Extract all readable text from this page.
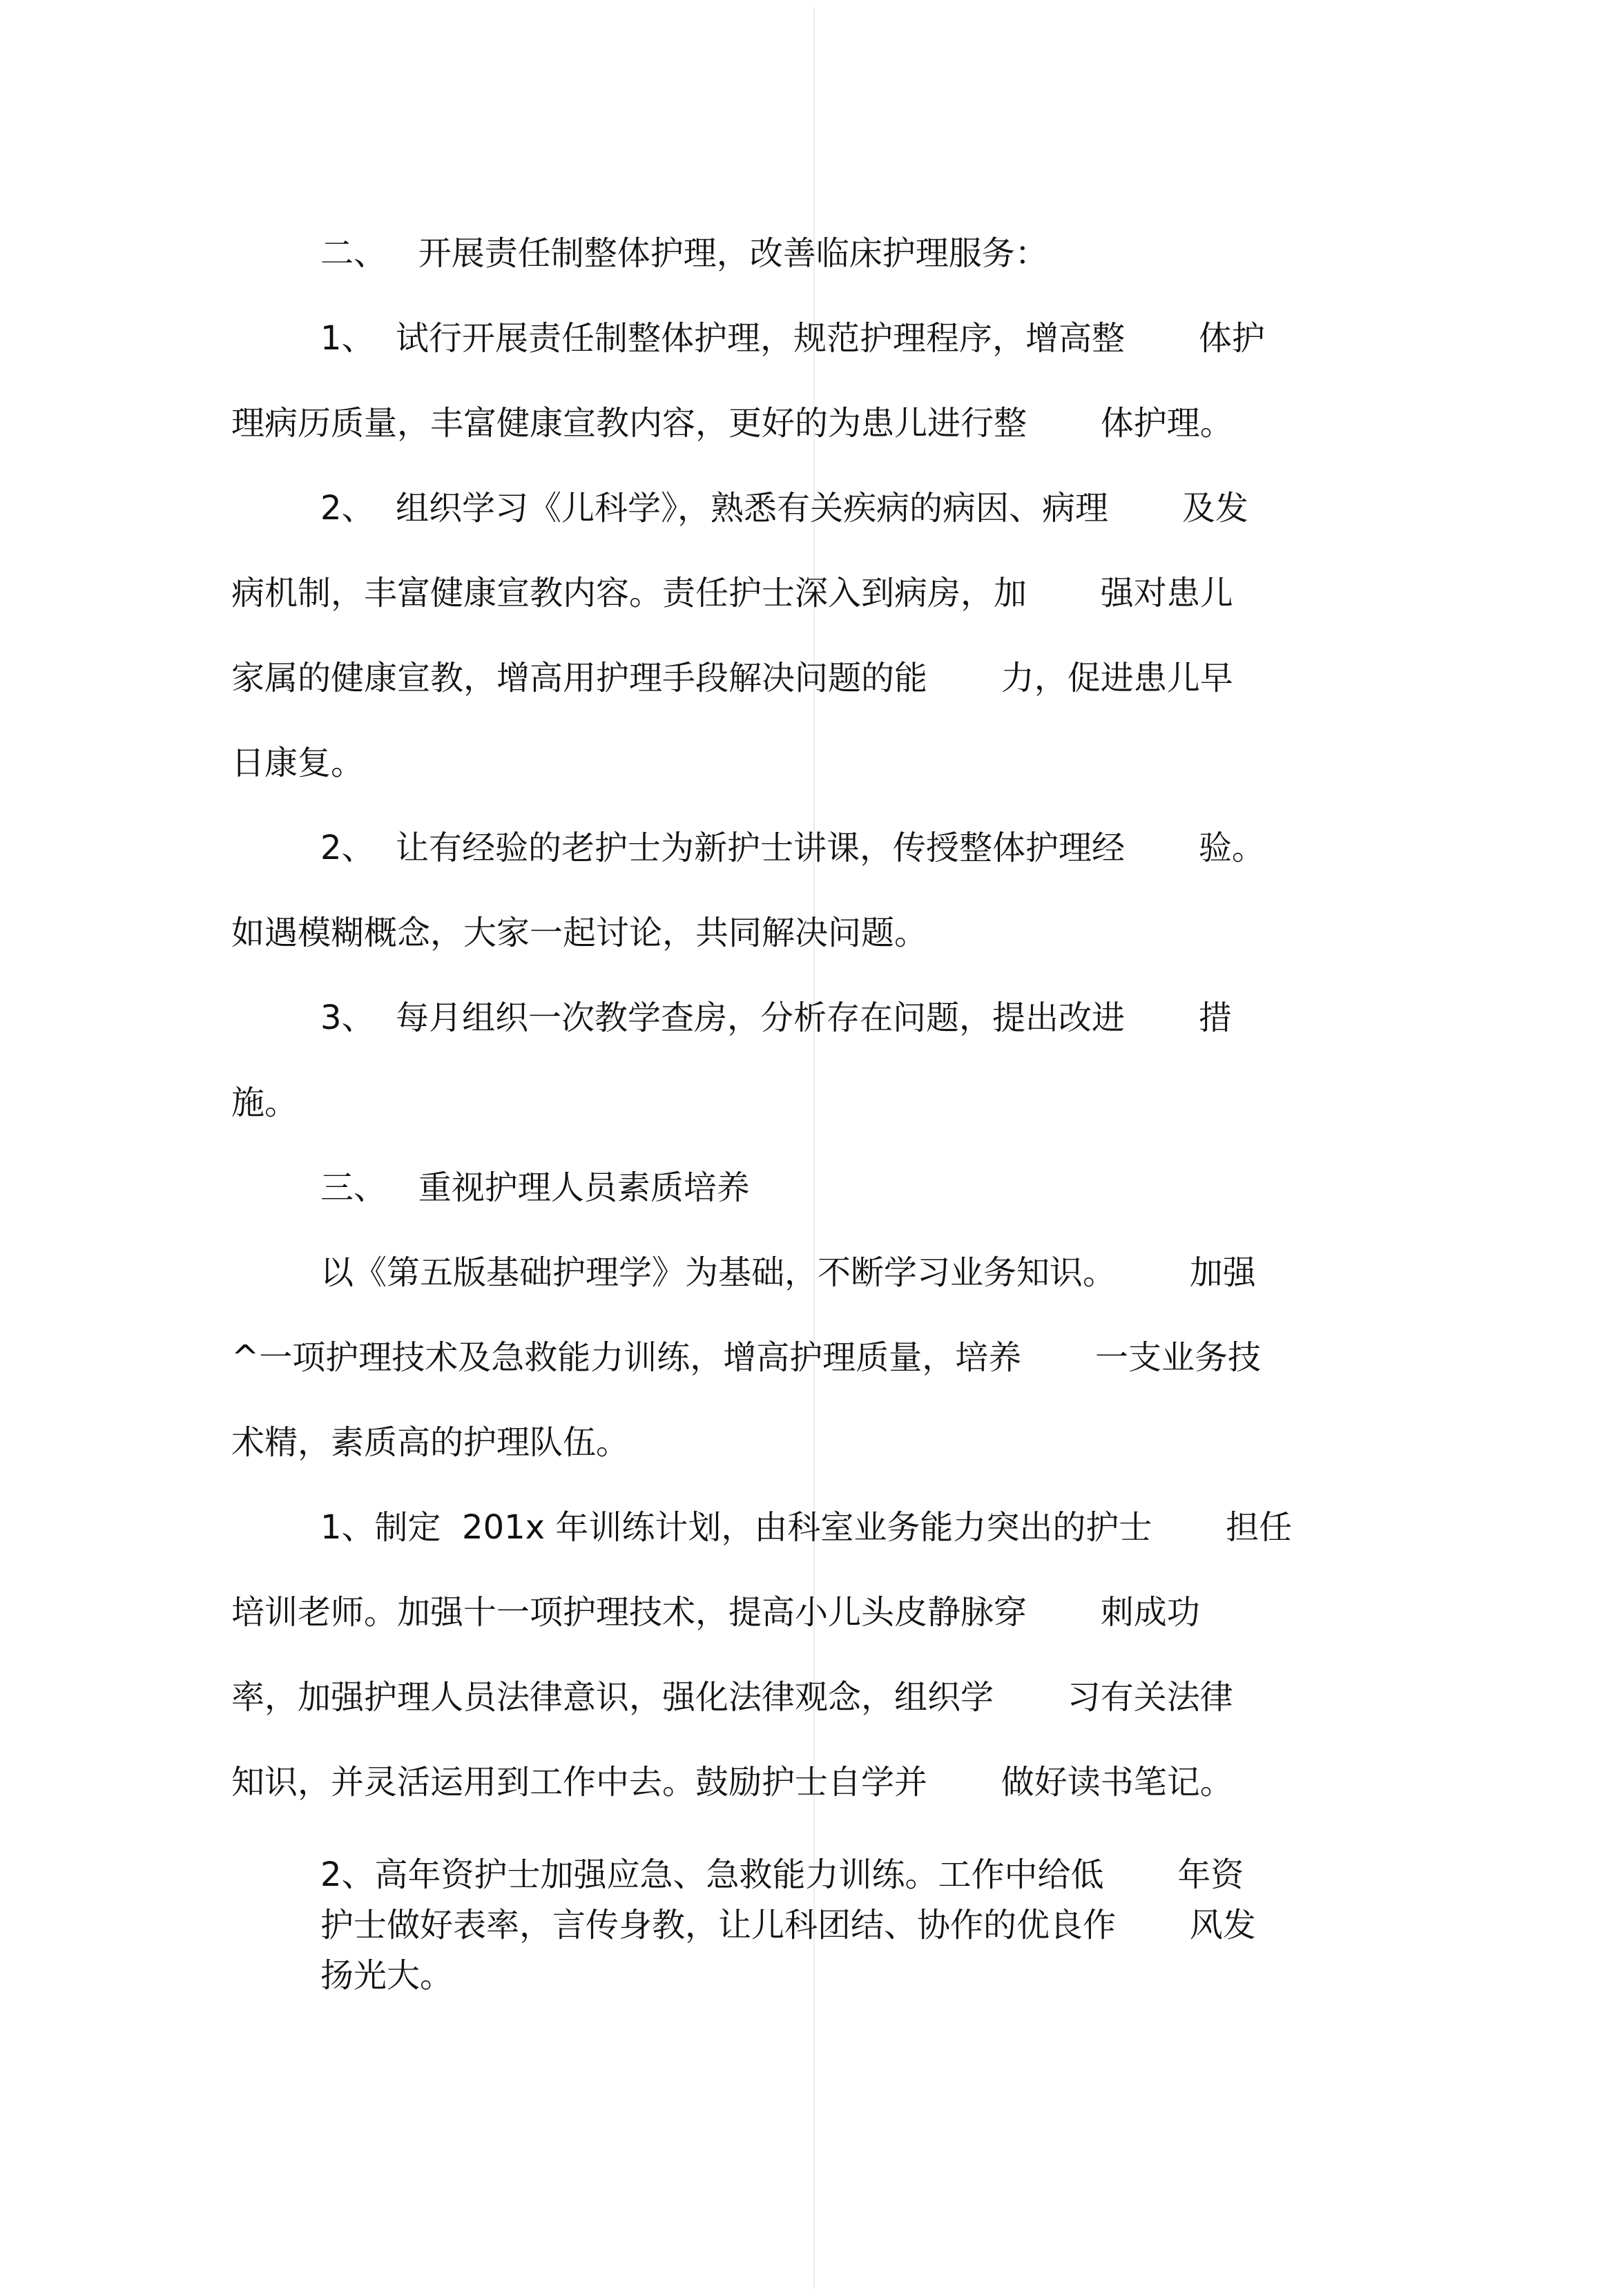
二、   开展责任制整体护理，改善临床护理服务：

1、  试行开展责任制整体护理，规范护理程序，增高整       体护

理病历质量，丰富健康宣教内容，更好的为患儿进行整       体护理。

2、  组织学习《儿科学》，熟悉有关疾病的病因、病理       及发

病机制，丰富健康宣教内容。责任护士深入到病房，加       强对患儿

家属的健康宣教，增高用护理手段解决问题的能       力，促进患儿早

日康复。

2、  让有经验的老护士为新护士讲课，传授整体护理经       验。

如遇模糊概念，大家一起讨论，共同解决问题。

3、  每月组织一次教学查房，分析存在问题，提出改进       措

施。

三、   重视护理人员素质培养

以《第五版基础护理学》为基础，不断学习业务知识。       加强

^一项护理技术及急救能力训练，增高护理质量，培养       一支业务技

术精，素质高的护理队伍。

1、制定  201x 年训练计划，由科室业务能力突出的护士       担任

培训老师。加强十一项护理技术，提高小儿头皮静脉穿       刺成功

率，加强护理人员法律意识，强化法律观念，组织学       习有关法律

知识，并灵活运用到工作中去。鼓励护士自学并       做好读书笔记。

2、高年资护士加强应急、急救能力训练。工作中给低       年资

护士做好表率，言传身教，让儿科团结、协作的优良作       风发

扬光大。
